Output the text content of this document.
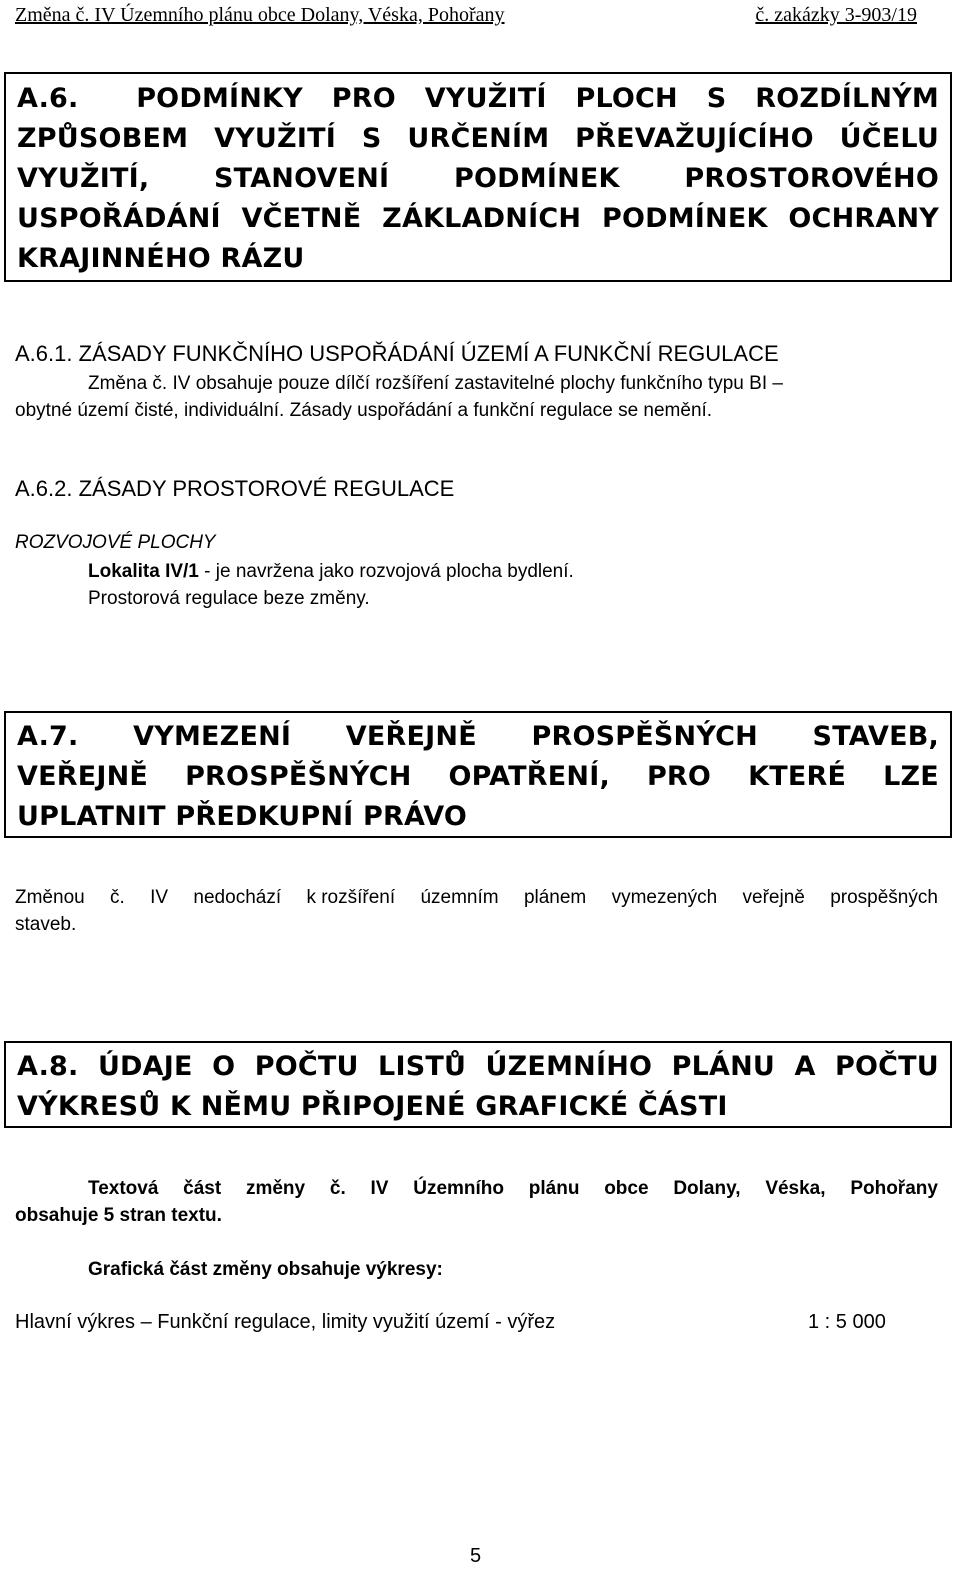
Změna č. IV Územního plánu obce Dolany, Véska, Pohořany	č. zakázky 3-903/19
A.6.  PODMÍNKY PRO VYUŽITÍ PLOCH S ROZDÍLNÝM ZPŮSOBEM VYUŽITÍ S URČENÍM PŘEVAŽUJÍCÍHO ÚČELU VYUŽITÍ, STANOVENÍ PODMÍNEK PROSTOROVÉHO USPOŘÁDÁNÍ VČETNĚ ZÁKLADNÍCH PODMÍNEK OCHRANY KRAJINNÉHO RÁZU
A.6.1. ZÁSADY FUNKČNÍHO USPOŘÁDÁNÍ ÚZEMÍ A FUNKČNÍ REGULACE
Změna č. IV obsahuje pouze dílčí rozšíření zastavitelné plochy funkčního typu BI –
obytné území čisté, individuální. Zásady uspořádání a funkční regulace se nemění.
A.6.2. ZÁSADY PROSTOROVÉ REGULACE
ROZVOJOVÉ PLOCHY
Lokalita IV/1 - je navržena jako rozvojová plocha bydlení.
Prostorová regulace beze změny.
A.7. VYMEZENÍ VEŘEJNĚ PROSPĚŠNÝCH STAVEB,
VEŘEJNĚ PROSPĚŠNÝCH OPATŘENÍ, PRO KTERÉ LZE
UPLATNIT PŘEDKUPNÍ PRÁVO
Změnou č. IV nedochází k rozšíření územním plánem vymezených veřejně prospěšných
staveb.
A.8. ÚDAJE O POČTU LISTŮ ÚZEMNÍHO PLÁNU A POČTU
VÝKRESŮ K NĚMU PŘIPOJENÉ GRAFICKÉ ČÁSTI
Textová část změny č. IV Územního plánu obce Dolany, Véska, Pohořany
obsahuje 5 stran textu.
Grafická část změny obsahuje výkresy:
Hlavní výkres – Funkční regulace, limity využití území - výřez	1 : 5 000
5
